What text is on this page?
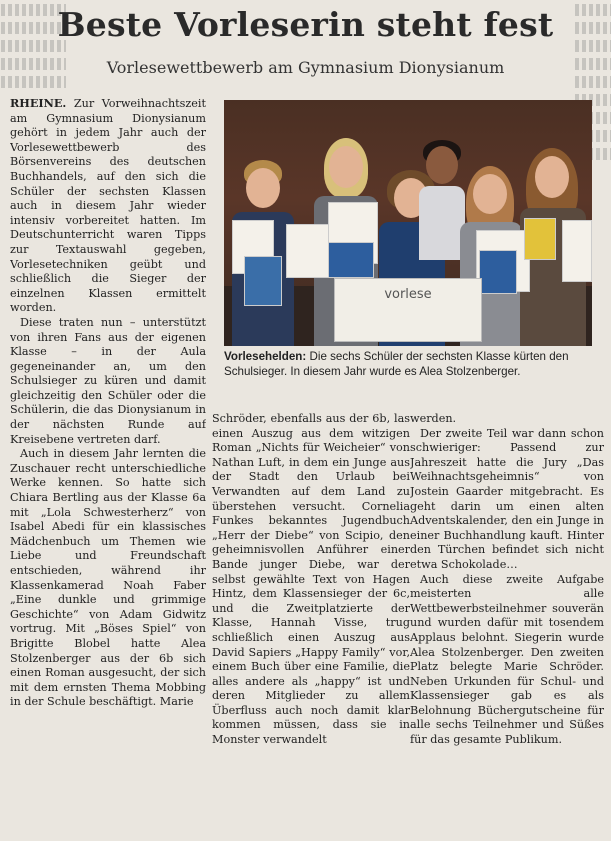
Beste Vorleserin steht fest
Vorlesewettbewerb am Gymnasium Dionysianum

RHEINE. Zur Vorweihnachtszeit am Gymnasium Dionysianum gehört in jedem Jahr auch der Vorlesewettbewerb des Börsenvereins des deutschen Buchhandels, auf den sich die Schüler der sechsten Klassen auch in diesem Jahr wieder intensiv vorbereitet hatten. Im Deutschunterricht waren Tipps zur Textauswahl gegeben, Vorlesetechniken geübt und schließlich die Sieger der einzelnen Klassen ermittelt worden.

Diese traten nun – unterstützt von ihren Fans aus der eigenen Klasse – in der Aula gegeneinander an, um den Schulsieger zu küren und damit gleichzeitig den Schüler oder die Schülerin, die das Dionysianum in der nächsten Runde auf Kreisebene vertreten darf.

Auch in diesem Jahr lernten die Zuschauer recht unterschiedliche Werke kennen. So hatte sich Chiara Bertling aus der Klasse 6a mit „Lola Schwesterherz“ von Isabel Abedi für ein klassisches Mädchenbuch um Themen wie Liebe und Freundschaft entschieden, während ihr Klassenkamerad Noah Faber „Eine dunkle und grimmige Geschichte“ von Adam Gidwitz vortrug. Mit „Böses Spiel“ von Brigitte Blobel hatte Alea Stolzenberger aus der 6b sich einen Roman ausgesucht, der sich mit dem ernsten Thema Mobbing in der Schule beschäftigt. Marie

vorlese
Vorlesehelden: Die sechs Schüler der sechsten Klasse kürten den Schulsieger. In diesem Jahr wurde es Alea Stolzenberger.

Schröder, ebenfalls aus der 6b, las einen Auszug aus dem witzigen Roman „Nichts für Weicheier“ von Nathan Luft, in dem ein Junge aus der Stadt den Urlaub bei Verwandten auf dem Land zu überstehen versucht. Cornelia Funkes bekanntes Jugendbuch „Herr der Diebe“ von Scipio, den geheimnisvollen Anführer einer Bande junger Diebe, war der selbst gewählte Text von Hagen Hintz, dem Klassensieger der 6c, und die Zweitplatzierte der Klasse, Hannah Visse, trug schließlich einen Auszug aus David Sapiers „Happy Family“ vor, einem Buch über eine Familie, die alles andere als „happy“ ist und deren Mitglieder zu allem Überfluss auch noch damit klar kommen müssen, dass sie in Monster verwandelt

werden.

Der zweite Teil war dann schon schwieriger: Passend zur Jahreszeit hatte die Jury „Das Weihnachtsgeheimnis“ von Jostein Gaarder mitgebracht. Es geht darin um einen alten Adventskalender, den ein Junge in einer Buchhandlung kauft. Hinter den Türchen befindet sich nicht etwa Schokolade…

Auch diese zweite Aufgabe meisterten alle Wettbewerbsteilnehmer souverän und wurden dafür mit tosendem Applaus belohnt. Siegerin wurde Alea Stolzenberger. Den zweiten Platz belegte Marie Schröder. Neben Urkunden für Schul- und Klassensieger gab es als Belohnung Büchergutscheine für alle sechs Teilnehmer und Süßes für das gesamte Publikum.
